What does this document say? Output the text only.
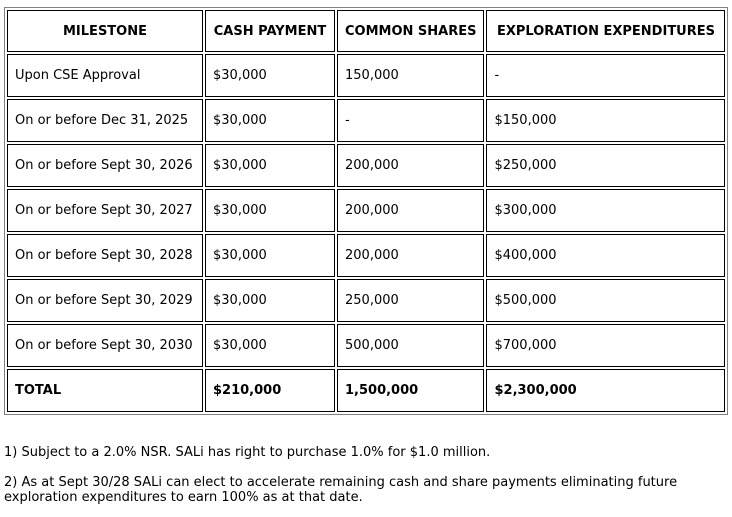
MILESTONE	CASH PAYMENT	COMMON SHARES	EXPLORATION EXPENDITURES
Upon CSE Approval	$30,000	150,000	-
On or before Dec 31, 2025	$30,000	-	$150,000
On or before Sept 30, 2026	$30,000	200,000	$250,000
On or before Sept 30, 2027	$30,000	200,000	$300,000
On or before Sept 30, 2028	$30,000	200,000	$400,000
On or before Sept 30, 2029	$30,000	250,000	$500,000
On or before Sept 30, 2030	$30,000	500,000	$700,000
TOTAL	$210,000	1,500,000	$2,300,000

1) Subject to a 2.0% NSR. SALi has right to purchase 1.0% for $1.0 million.

2) As at Sept 30/28 SALi can elect to accelerate remaining cash and share payments eliminating future exploration expenditures to earn 100% as at that date.
